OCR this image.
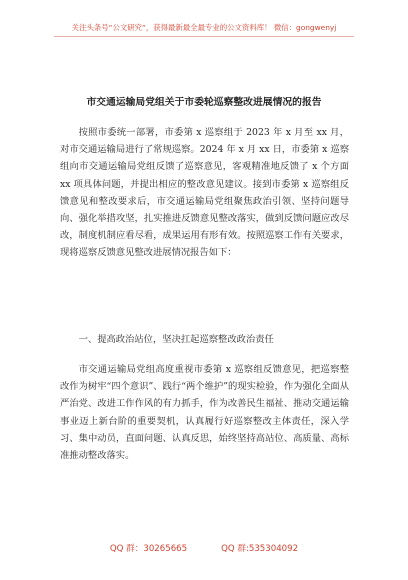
关注头条号“公文研究”，获得最新最全最专业的公文资料库！ 微信：gongwenyj
市交通运输局党组关于市委轮巡察整改进展情况的报告

按照市委统一部署，市委第 x 巡察组于 2023 年 x 月至 xx 月，对市交通运输局进行了常规巡察。2024 年 x 月 xx 日，市委第 x 巡察组向市交通运输局党组反馈了巡察意见，客观精准地反馈了 x 个方面 xx 项具体问题，并提出相应的整改意见建议。接到市委第 x 巡察组反馈意见和整改要求后，市交通运输局党组聚焦政治引领、坚持问题导向、强化举措攻坚，扎实推进反馈意见整改落实，做到反馈问题应改尽改，制度机制应看尽看，成果运用有形有效。按照巡察工作有关要求，现将巡察反馈意见整改进展情况报告如下：

一、提高政治站位，坚决扛起巡察整改政治责任

市交通运输局党组高度重视市委第 x 巡察组反馈意见，把巡察整改作为树牢“四个意识”、践行“两个维护”的现实检验，作为强化全面从严治党、改进工作作风的有力抓手，作为改善民生福祉、推动交通运输事业迈上新台阶的重要契机，认真履行好巡察整改主体责任，深入学习、集中动员，直面问题、认真反思，始终坚持高站位、高质量、高标准推动整改落实。

QQ 群：30265665	QQ 群:535304092
